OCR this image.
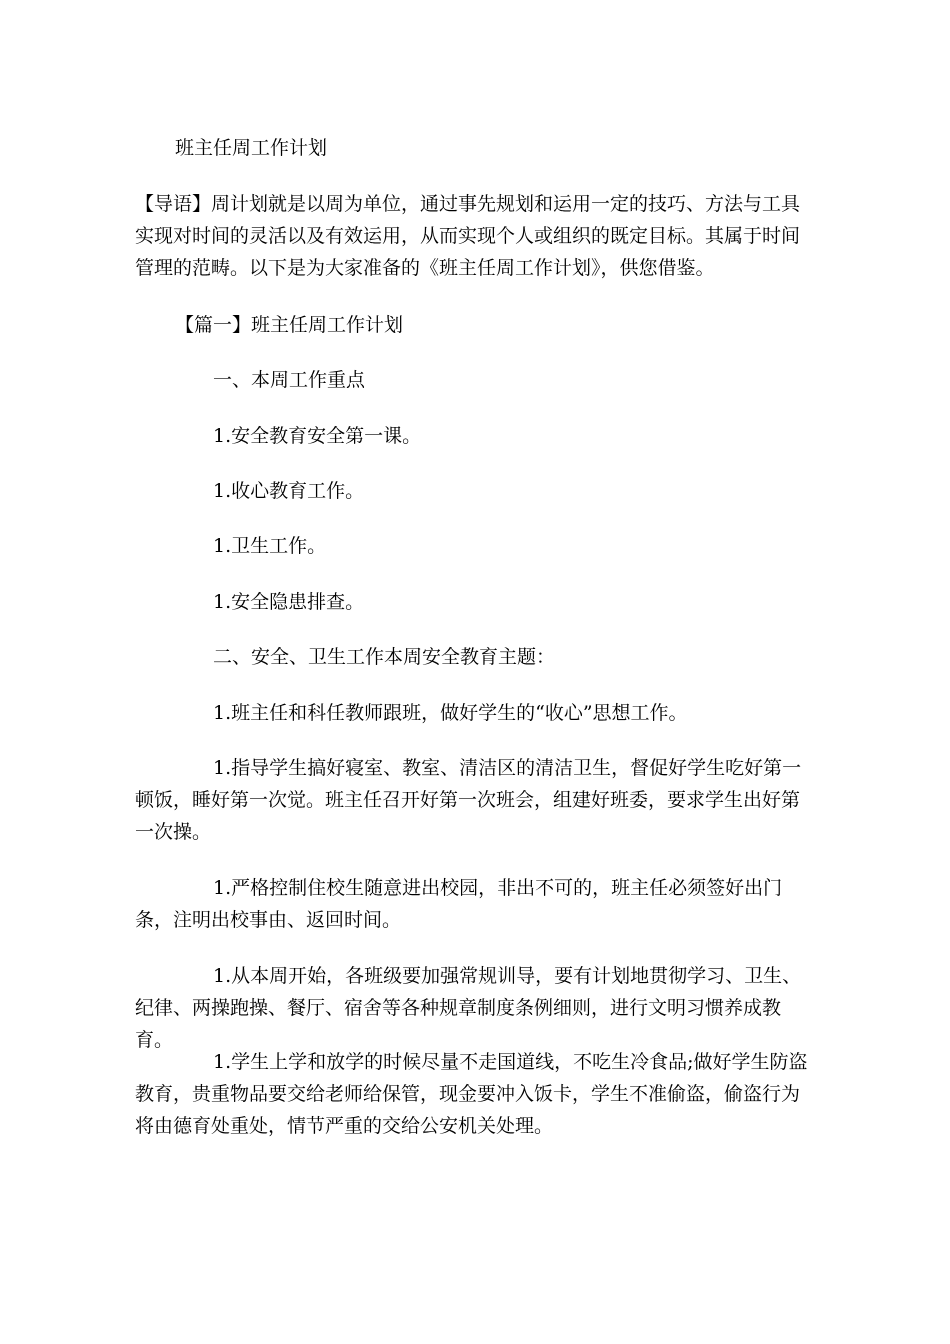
班主任周工作计划

【导语】周计划就是以周为单位，通过事先规划和运用一定的技巧、方法与工具实现对时间的灵活以及有效运用，从而实现个人或组织的既定目标。其属于时间管理的范畴。以下是为大家准备的《班主任周工作计划》，供您借鉴。

【篇一】班主任周工作计划

一、本周工作重点

1.安全教育安全第一课。

1.收心教育工作。

1.卫生工作。

1.安全隐患排查。

二、安全、卫生工作本周安全教育主题：

1.班主任和科任教师跟班，做好学生的“收心”思想工作。

1.指导学生搞好寝室、教室、清洁区的清洁卫生，督促好学生吃好第一顿饭，睡好第一次觉。班主任召开好第一次班会，组建好班委，要求学生出好第一次操。

1.严格控制住校生随意进出校园，非出不可的，班主任必须签好出门条，注明出校事由、返回时间。

1.从本周开始，各班级要加强常规训导，要有计划地贯彻学习、卫生、纪律、两操跑操、餐厅、宿舍等各种规章制度条例细则，进行文明习惯养成教育。

1.学生上学和放学的时候尽量不走国道线，不吃生冷食品;做好学生防盗教育，贵重物品要交给老师给保管，现金要冲入饭卡，学生不准偷盗，偷盗行为将由德育处重处，情节严重的交给公安机关处理。
